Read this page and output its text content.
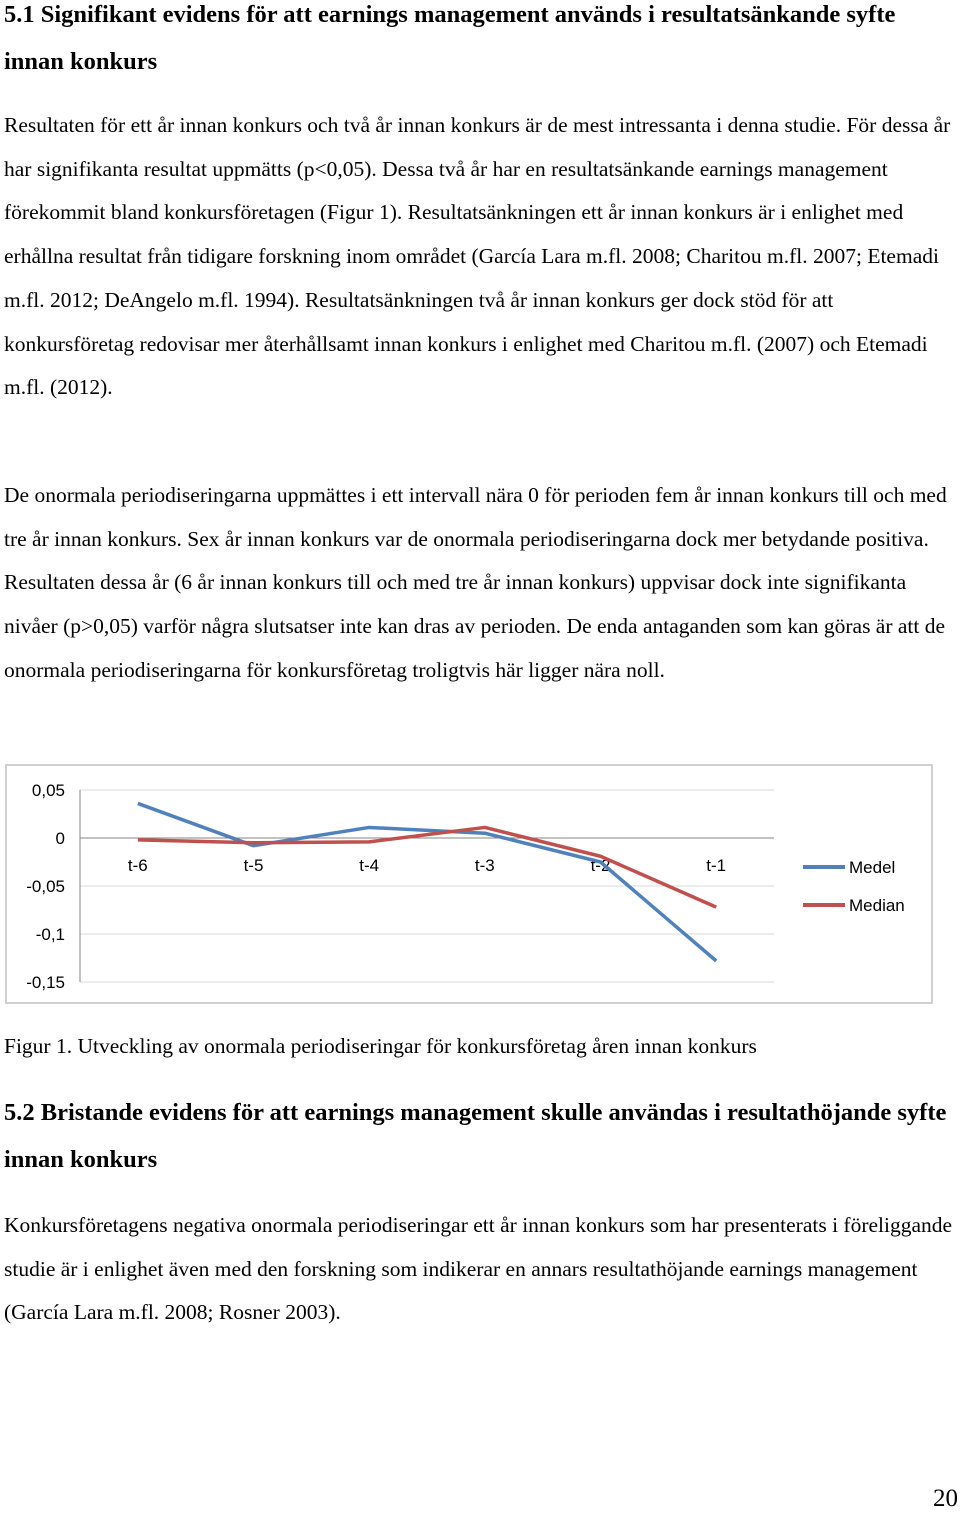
5.1 Signifikant evidens för att earnings management används i resultatsänkande syfte innan konkurs

Resultaten för ett år innan konkurs och två år innan konkurs är de mest intressanta i denna studie. För dessa år har signifikanta resultat uppmätts (p<0,05). Dessa två år har en resultatsänkande earnings management förekommit bland konkursföretagen (Figur 1). Resultatsänkningen ett år innan konkurs är i enlighet med erhållna resultat från tidigare forskning inom området (García Lara m.fl. 2008; Charitou m.fl. 2007; Etemadi m.fl. 2012; DeAngelo m.fl. 1994). Resultatsänkningen två år innan konkurs ger dock stöd för att konkursföretag redovisar mer återhållsamt innan konkurs i enlighet med Charitou m.fl. (2007) och Etemadi m.fl. (2012).

De onormala periodiseringarna uppmättes i ett intervall nära 0 för perioden fem år innan konkurs till och med tre år innan konkurs. Sex år innan konkurs var de onormala periodiseringarna dock mer betydande positiva. Resultaten dessa år (6 år innan konkurs till och med tre år innan konkurs) uppvisar dock inte signifikanta nivåer (p>0,05) varför några slutsatser inte kan dras av perioden. De enda antaganden som kan göras är att de onormala periodiseringarna för konkursföretag troligtvis här ligger nära noll.

0,05
0
-0,05
-0,1
-0,15
t-6	t-5	t-4	t-3	t-2	t-1	Medel
Median

Figur 1. Utveckling av onormala periodiseringar för konkursföretag åren innan konkurs

5.2 Bristande evidens för att earnings management skulle användas i resultathöjande syfte innan konkurs

Konkursföretagens negativa onormala periodiseringar ett år innan konkurs som har presenterats i föreliggande studie är i enlighet även med den forskning som indikerar en annars resultathöjande earnings management (García Lara m.fl. 2008; Rosner 2003).

20
